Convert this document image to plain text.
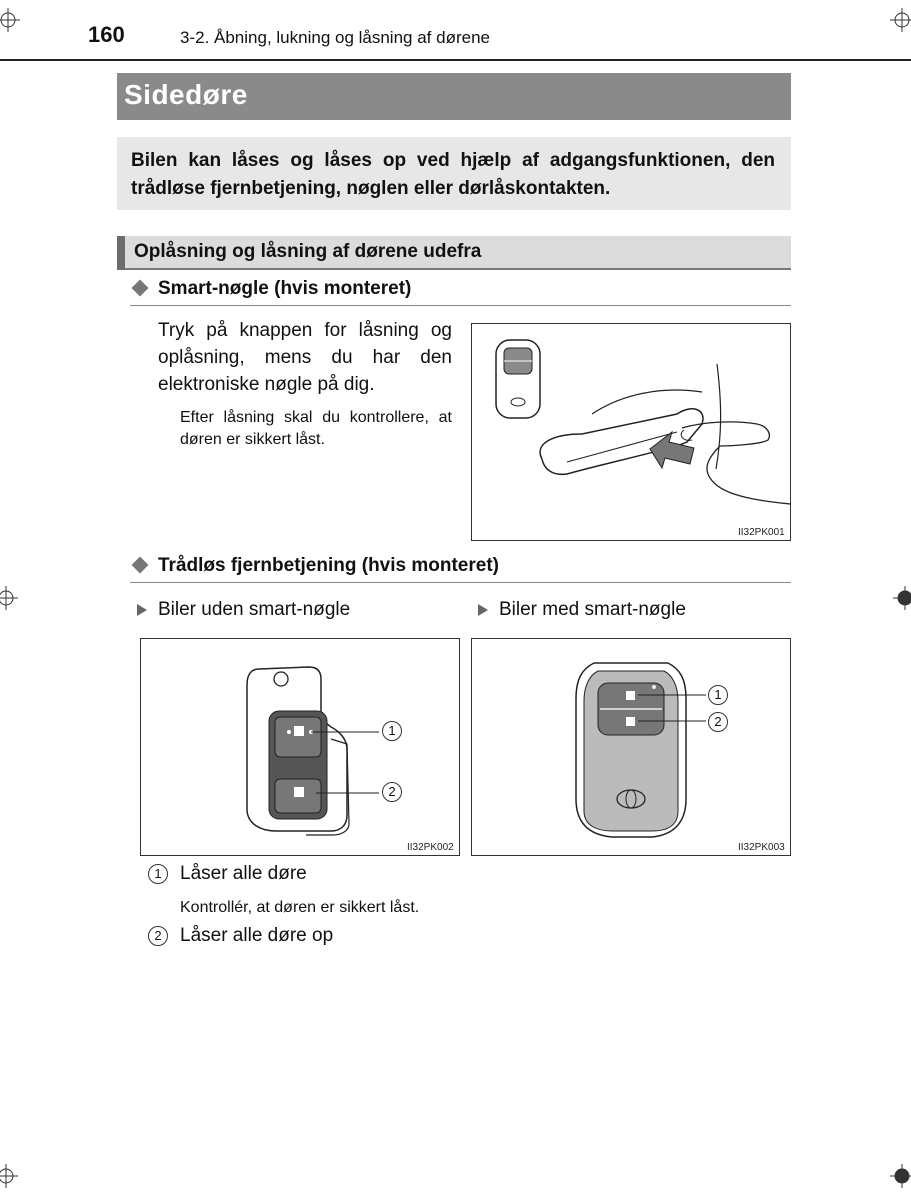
160	3-2. Åbning, lukning og låsning af dørene
Sidedøre
Bilen kan låses og låses op ved hjælp af adgangsfunktionen, den trådløse fjernbetjening, nøglen eller dørlåskontakten.
Oplåsning og låsning af dørene udefra
Smart-nøgle (hvis monteret)
Tryk på knappen for låsning og oplåsning, mens du har den elektroniske nøgle på dig.
Efter låsning skal du kontrollere, at døren er sikkert låst.
II32PK001
Trådløs fjernbetjening (hvis monteret)
Biler uden smart-nøgle	Biler med smart-nøgle
1
2
II32PK002
1
2
II32PK003
1 Låser alle døre
Kontrollér, at døren er sikkert låst.
2 Låser alle døre op
